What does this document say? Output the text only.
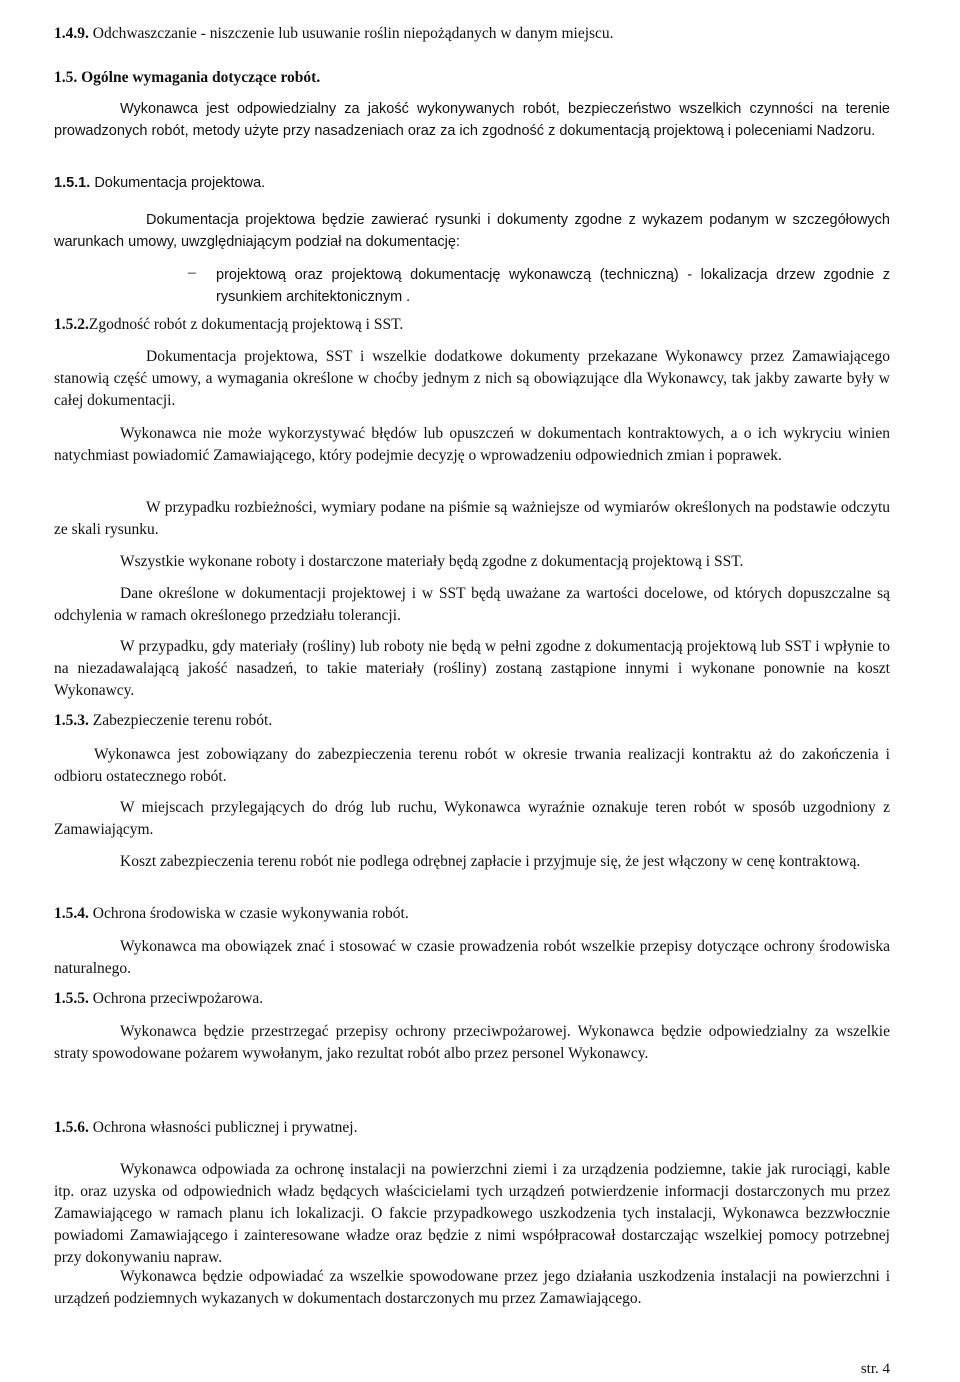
1.4.9. Odchwaszczanie - niszczenie lub usuwanie roślin niepożądanych w danym miejscu.
1.5. Ogólne wymagania dotyczące robót.
Wykonawca jest odpowiedzialny za jakość wykonywanych robót, bezpieczeństwo wszelkich czynności na terenie prowadzonych robót, metody użyte przy nasadzeniach oraz za ich zgodność z dokumentacją projektową i poleceniami Nadzoru.
1.5.1. Dokumentacja projektowa.
Dokumentacja projektowa będzie zawierać rysunki i dokumenty zgodne z wykazem podanym w szczegółowych warunkach umowy, uwzględniającym podział na dokumentację:
– projektową oraz projektową dokumentację wykonawczą (techniczną) - lokalizacja drzew zgodnie z rysunkiem architektonicznym .
1.5.2.Zgodność robót z dokumentacją projektową i SST.
Dokumentacja projektowa, SST i wszelkie dodatkowe dokumenty przekazane Wykonawcy przez Zamawiającego stanowią część umowy, a wymagania określone w choćby jednym z nich są obowiązujące dla Wykonawcy, tak jakby zawarte były w całej dokumentacji.
Wykonawca nie może wykorzystywać błędów lub opuszczeń w dokumentach kontraktowych, a o ich wykryciu winien natychmiast powiadomić Zamawiającego, który podejmie decyzję o wprowadzeniu odpowiednich zmian i poprawek.
W przypadku rozbieżności, wymiary podane na piśmie są ważniejsze od wymiarów określonych na podstawie odczytu ze skali rysunku.
Wszystkie wykonane roboty i dostarczone materiały będą zgodne z dokumentacją projektową i SST.
Dane określone w dokumentacji projektowej i w SST będą uważane za wartości docelowe, od których dopuszczalne są odchylenia w ramach określonego przedziału tolerancji.
W przypadku, gdy materiały (rośliny) lub roboty nie będą w pełni zgodne z dokumentacją projektową lub SST i wpłynie to na niezadawalającą jakość nasadzeń, to takie materiały (rośliny) zostaną zastąpione innymi i wykonane ponownie na koszt Wykonawcy.
1.5.3. Zabezpieczenie terenu robót.
Wykonawca jest zobowiązany do zabezpieczenia terenu robót w okresie trwania realizacji kontraktu aż do zakończenia i odbioru ostatecznego robót.
W miejscach przylegających do dróg lub ruchu, Wykonawca wyraźnie oznakuje teren robót w sposób uzgodniony z Zamawiającym.
Koszt zabezpieczenia terenu robót nie podlega odrębnej zapłacie i przyjmuje się, że jest włączony w cenę kontraktową.
1.5.4. Ochrona środowiska w czasie wykonywania robót.
Wykonawca ma obowiązek znać i stosować w czasie prowadzenia robót wszelkie przepisy dotyczące ochrony środowiska naturalnego.
1.5.5. Ochrona przeciwpożarowa.
Wykonawca będzie przestrzegać przepisy ochrony przeciwpożarowej. Wykonawca będzie odpowiedzialny za wszelkie straty spowodowane pożarem wywołanym, jako rezultat robót albo przez personel Wykonawcy.
1.5.6. Ochrona własności publicznej i prywatnej.
Wykonawca odpowiada za ochronę instalacji na powierzchni ziemi i za urządzenia podziemne, takie jak rurociągi, kable itp. oraz uzyska od odpowiednich władz będących właścicielami tych urządzeń potwierdzenie informacji dostarczonych mu przez Zamawiającego w ramach planu ich lokalizacji. O fakcie przypadkowego uszkodzenia tych instalacji, Wykonawca bezzwłocznie powiadomi Zamawiającego i zainteresowane władze oraz będzie z nimi współpracował dostarczając wszelkiej pomocy potrzebnej przy dokonywaniu napraw.
Wykonawca będzie odpowiadać za wszelkie spowodowane przez jego działania uszkodzenia instalacji na powierzchni i urządzeń podziemnych wykazanych w dokumentach dostarczonych mu przez Zamawiającego.
str. 4
